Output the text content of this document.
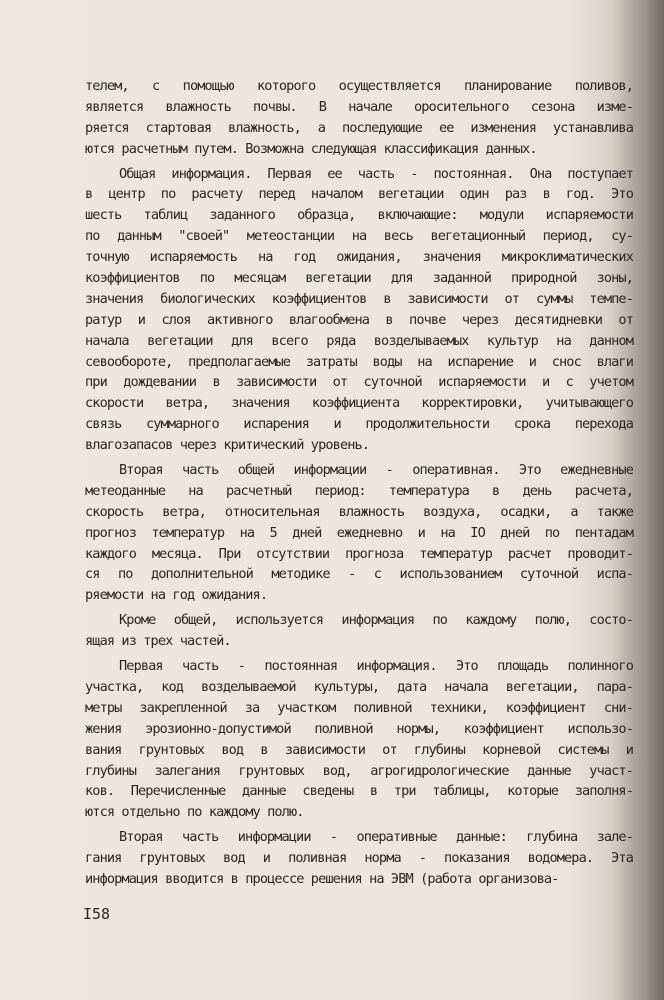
телем, с помощью которого осуществляется планирование поливов,
является влажность почвы. В начале оросительного сезона изме-
ряется стартовая влажность, а последующие ее изменения устанавлива
ются расчетным путем. Возможна следующая классификация данных.
Общая информация. Первая ее часть - постоянная. Она поступает
в центр по расчету перед началом вегетации один раз в год. Это
шесть таблиц заданного образца, включающие: модули испаряемости
по данным "своей" метеостанции на весь вегетационный период, су-
точную испаряемость на год ожидания, значения микроклиматических
коэффициентов по месяцам вегетации для заданной природной зоны,
значения биологических коэффициентов в зависимости от суммы темпе-
ратур и слоя активного влагообмена в почве через десятидневки от
начала вегетации для всего ряда возделываемых культур на данном
севообороте, предполагаемые затраты воды на испарение и снос влаги
при дождевании в зависимости от суточной испаряемости и с учетом
скорости ветра, значения коэффициента корректировки, учитывающего
связь суммарного испарения и продолжительности срока перехода
влагозапасов через критический уровень.
Вторая часть общей информации - оперативная. Это ежедневные
метеоданные на расчетный период: температура в день расчета,
скорость ветра, относительная влажность воздуха, осадки, а также
прогноз температур на 5 дней ежедневно и на IO дней по пентадам
каждого месяца. При отсутствии прогноза температур расчет проводит-
ся по дополнительной методике - с использованием суточной испа-
ряемости на год ожидания.
Кроме общей, используется информация по каждому полю, состо-
ящая из трех частей.
Первая часть - постоянная информация. Это площадь полинного
участка, код возделываемой культуры, дата начала вегетации, пара-
метры закрепленной за участком поливной техники, коэффициент сни-
жения эрозионно-допустимой поливной нормы, коэффициент использо-
вания грунтовых вод в зависимости от глубины корневой системы и
глубины залегания грунтовых вод, агрогидрологические данные участ-
ков. Перечисленные данные сведены в три таблицы, которые заполня-
ются отдельно по каждому полю.
Вторая часть информации - оперативные данные: глубина зале-
гания грунтовых вод и поливная норма - показания водомера. Эта
информация вводится в процессе решения на ЭВМ (работа организова-
I58
